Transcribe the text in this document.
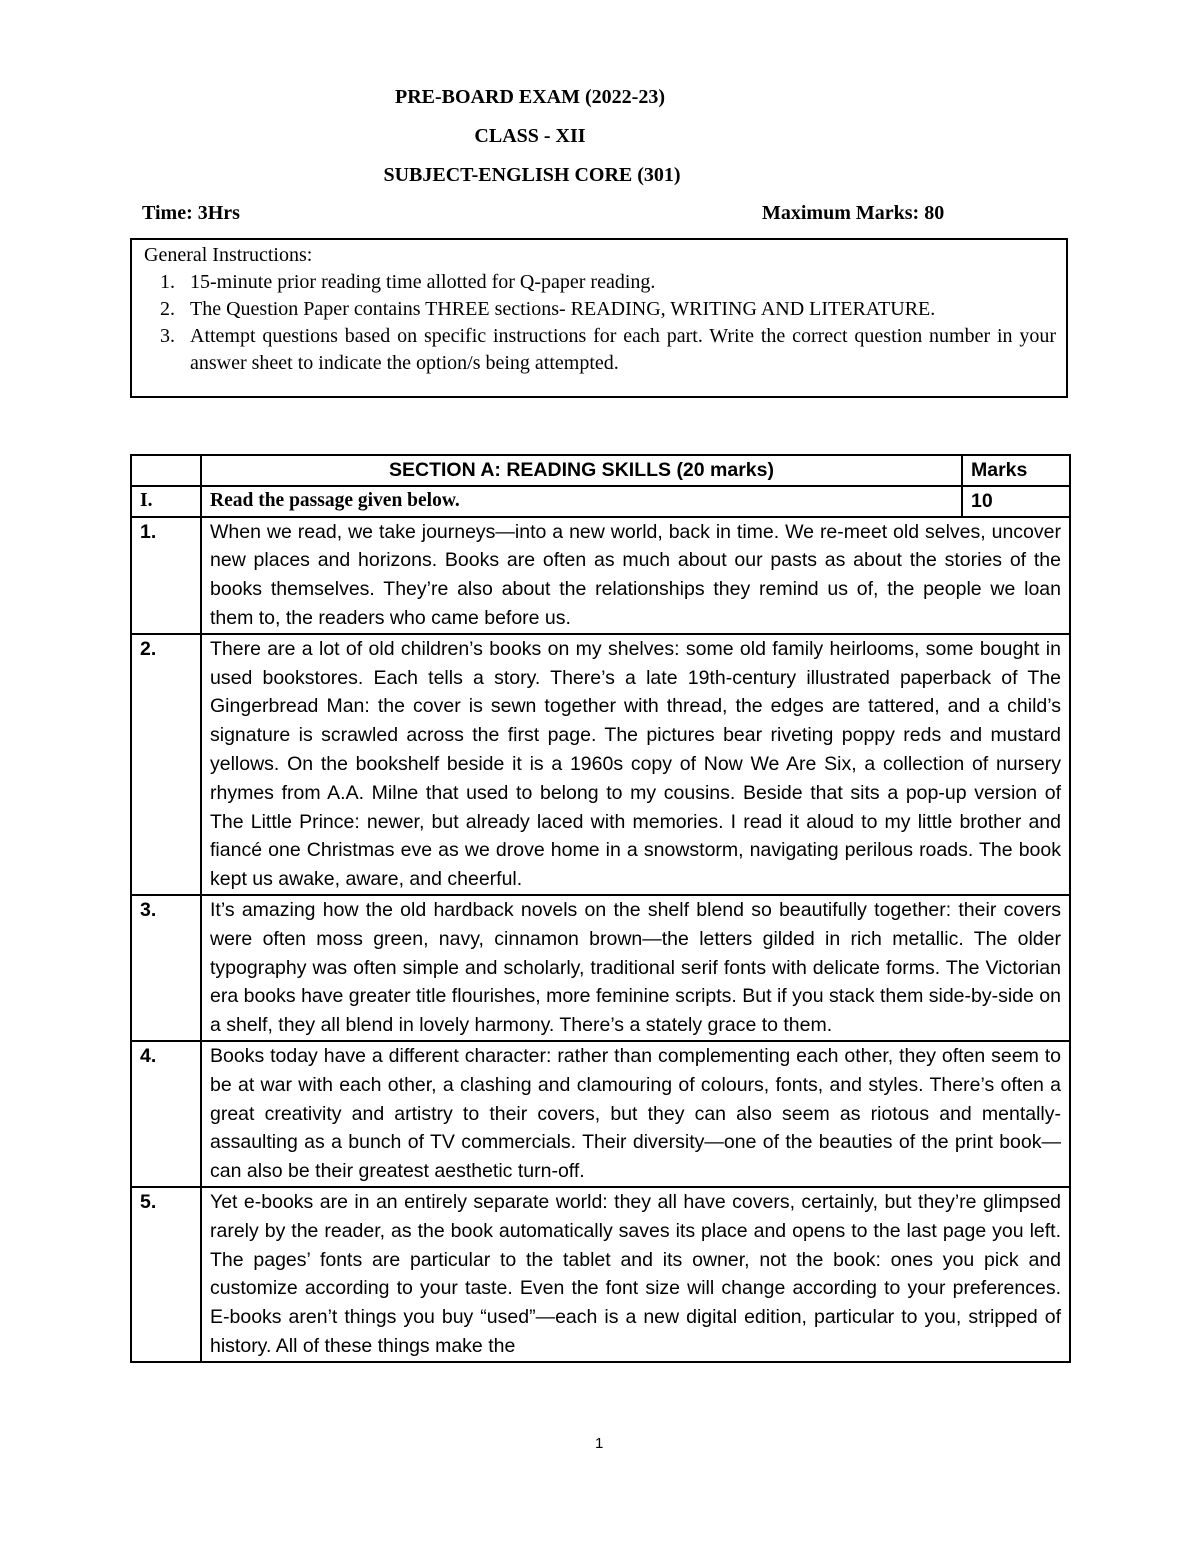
PRE-BOARD EXAM (2022-23)
CLASS - XII
SUBJECT-ENGLISH CORE (301)
Time: 3Hrs	Maximum Marks: 80
General Instructions:
1. 15-minute prior reading time allotted for Q-paper reading.
2. The Question Paper contains THREE sections- READING, WRITING AND LITERATURE.
3. Attempt questions based on specific instructions for each part. Write the correct question number in your answer sheet to indicate the option/s being attempted.
	SECTION A: READING SKILLS (20 marks)	Marks
I.	Read the passage given below.	10
1.	When we read, we take journeys—into a new world, back in time. We re-meet old selves, uncover new places and horizons. Books are often as much about our pasts as about the stories of the books themselves. They’re also about the relationships they remind us of, the people we loan them to, the readers who came before us.	
2.	There are a lot of old children’s books on my shelves: some old family heirlooms, some bought in used bookstores. Each tells a story. There’s a late 19th-century illustrated paperback of The Gingerbread Man: the cover is sewn together with thread, the edges are tattered, and a child’s signature is scrawled across the first page. The pictures bear riveting poppy reds and mustard yellows. On the bookshelf beside it is a 1960s copy of Now We Are Six, a collection of nursery rhymes from A.A. Milne that used to belong to my cousins. Beside that sits a pop-up version of The Little Prince: newer, but already laced with memories. I read it aloud to my little brother and fiancé one Christmas eve as we drove home in a snowstorm, navigating perilous roads. The book kept us awake, aware, and cheerful.	
3.	It’s amazing how the old hardback novels on the shelf blend so beautifully together: their covers were often moss green, navy, cinnamon brown—the letters gilded in rich metallic. The older typography was often simple and scholarly, traditional serif fonts with delicate forms. The Victorian era books have greater title flourishes, more feminine scripts. But if you stack them side-by-side on a shelf, they all blend in lovely harmony. There’s a stately grace to them.	
4.	Books today have a different character: rather than complementing each other, they often seem to be at war with each other, a clashing and clamouring of colours, fonts, and styles. There’s often a great creativity and artistry to their covers, but they can also seem as riotous and mentally-assaulting as a bunch of TV commercials. Their diversity—one of the beauties of the print book—can also be their greatest aesthetic turn-off.	
5.	Yet e-books are in an entirely separate world: they all have covers, certainly, but they’re glimpsed rarely by the reader, as the book automatically saves its place and opens to the last page you left. The pages’ fonts are particular to the tablet and its owner, not the book: ones you pick and customize according to your taste. Even the font size will change according to your preferences. E-books aren’t things you buy “used”—each is a new digital edition, particular to you, stripped of history. All of these things make the	
1
